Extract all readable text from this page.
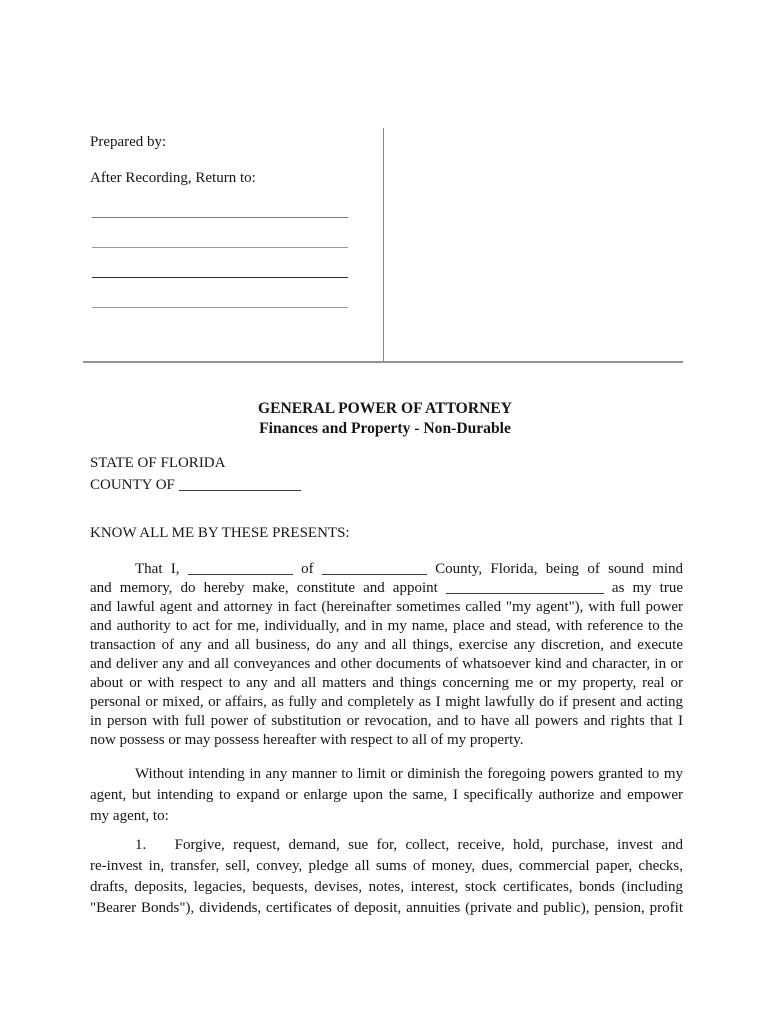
Prepared by:
After Recording, Return to:
GENERAL POWER OF ATTORNEY
Finances and Property - Non-Durable
STATE OF FLORIDA
COUNTY OF
KNOW ALL ME BY THESE PRESENTS:
That I,	of	County, Florida, being of sound mind
and memory, do hereby make, constitute and appoint	as my true
and lawful agent and attorney in fact (hereinafter sometimes called "my agent"), with full power
and authority to act for me, individually, and in my name, place and stead, with reference to the
transaction of any and all business, do any and all things, exercise any discretion, and execute
and deliver any and all conveyances and other documents of whatsoever kind and character, in or
about or with respect to any and all matters and things concerning me or my property, real or
personal or mixed, or affairs, as fully and completely as I might lawfully do if present and acting
in person with full power of substitution or revocation, and to have all powers and rights that I
now possess or may possess hereafter with respect to all of my property.
Without intending in any manner to limit or diminish the foregoing powers granted to my
agent, but intending to expand or enlarge upon the same, I specifically authorize and empower
my agent, to:
1. Forgive, request, demand, sue for, collect, receive, hold, purchase, invest and
re-invest in, transfer, sell, convey, pledge all sums of money, dues, commercial paper, checks,
drafts, deposits, legacies, bequests, devises, notes, interest, stock certificates, bonds (including
"Bearer Bonds"), dividends, certificates of deposit, annuities (private and public), pension, profit
